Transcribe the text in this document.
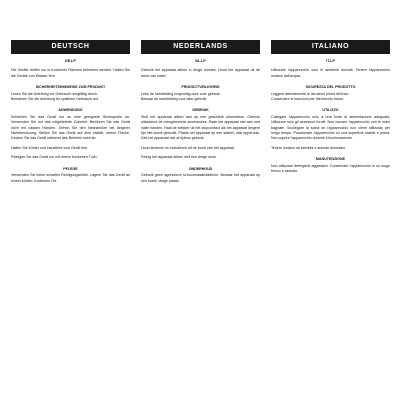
DEUTSCH

DE-LP

Die Geräte dürfen nur in trockenen Räumen betrieben werden. Halten Sie die Geräte von Wasser fern.

SICHERHEITSHINWEISE ZUM PRODUKT

Lesen Sie die Anleitung vor Gebrauch sorgfältig durch.

Bewahren Sie die Anleitung für späteren Gebrauch auf.

ANWENDUNG

Schließen Sie das Gerät nur an eine geeignete Stromquelle an. Verwenden Sie nur das mitgelieferte Zubehör. Berühren Sie das Gerät nicht mit nassen Händen. Ziehen Sie den Netzstecker bei längerer Nichtbenutzung. Stellen Sie das Gerät auf eine stabile, ebene Fläche. Decken Sie das Gerät während des Betriebs nicht ab.

Halten Sie Kinder und Haustiere vom Gerät fern.

Reinigen Sie das Gerät nur mit einem trockenen Tuch.

PFLEGE

Verwenden Sie keine scharfen Reinigungsmittel. Lagern Sie das Gerät an einem kühlen, trockenen Ort.

NEDERLANDS

NL-LP

Gebruik het apparaat alleen in droge ruimtes. Houd het apparaat uit de buurt van water.

PRODUCTVEILIGHEID

Lees de handleiding zorgvuldig door voor gebruik.

Bewaar de handleiding voor later gebruik.

GEBRUIK

Sluit het apparaat alleen aan op een geschikte stroombron. Gebruik uitsluitend de meegeleverde accessoires. Raak het apparaat niet aan met natte handen. Haal de stekker uit het stopcontact als het apparaat langere tijd niet wordt gebruikt. Plaats het apparaat op een stabiel, vlak oppervlak. Dek het apparaat niet af tijdens gebruik.

Houd kinderen en huisdieren uit de buurt van het apparaat.

Reinig het apparaat alleen met een droge doek.

ONDERHOUD

Gebruik geen agressieve schoonmaakmiddelen. Bewaar het apparaat op een koele, droge plaats.

ITALIANO

IT-LP

Utilizzare l'apparecchio solo in ambienti asciutti. Tenere l'apparecchio lontano dall'acqua.

SICUREZZA DEL PRODOTTO

Leggere attentamente le istruzioni prima dell'uso.

Conservare le istruzioni per riferimento futuro.

UTILIZZO

Collegare l'apparecchio solo a una fonte di alimentazione adeguata. Utilizzare solo gli accessori forniti. Non toccare l'apparecchio con le mani bagnate. Scollegare la spina se l'apparecchio non viene utilizzato per lungo tempo. Posizionare l'apparecchio su una superficie stabile e piana. Non coprire l'apparecchio durante il funzionamento.

Tenere lontano da bambini e animali domestici.

MANUTENZIONE

Non utilizzare detergenti aggressivi. Conservare l'apparecchio in un luogo fresco e asciutto.
